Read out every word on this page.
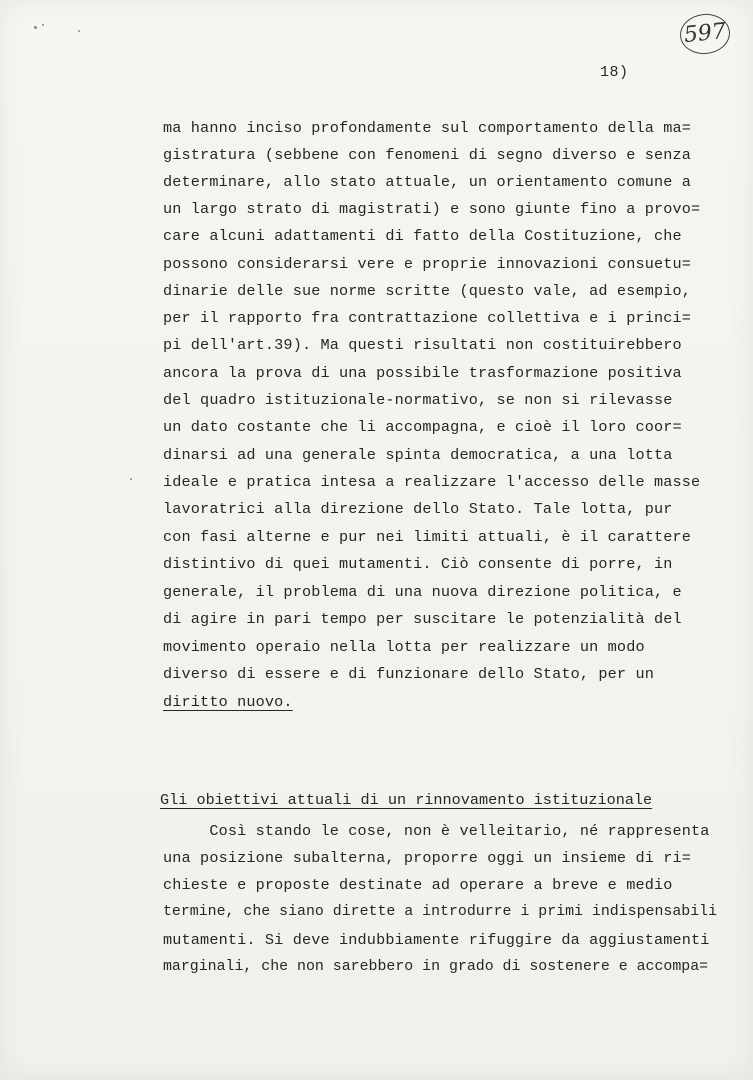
597
18)
ma hanno inciso profondamente sul comportamento della ma=
gistratura (sebbene con fenomeni di segno diverso e senza
determinare, allo stato attuale, un orientamento comune a
un largo strato di magistrati) e sono giunte fino a provo=
care alcuni adattamenti di fatto della Costituzione, che
possono considerarsi vere e proprie innovazioni consuetu=
dinarie delle sue norme scritte (questo vale, ad esempio,
per il rapporto fra contrattazione collettiva e i princi=
pi dell'art.39). Ma questi risultati non costituirebbero
ancora la prova di una possibile trasformazione positiva
del quadro istituzionale-normativo, se non si rilevasse
un dato costante che li accompagna, e cioè il loro coor=
dinarsi ad una generale spinta democratica, a una lotta
ideale e pratica intesa a realizzare l'accesso delle masse
lavoratrici alla direzione dello Stato. Tale lotta, pur
con fasi alterne e pur nei limiti attuali, è il carattere
distintivo di quei mutamenti. Ciò consente di porre, in
generale, il problema di una nuova direzione politica, e
di agire in pari tempo per suscitare le potenzialità del
movimento operaio nella lotta per realizzare un modo
diverso di essere e di funzionare dello Stato, per un
diritto nuovo.
Gli obiettivi attuali di un rinnovamento istituzionale
Così stando le cose, non è velleitario, né rappresenta
una posizione subalterna, proporre oggi un insieme di ri=
chieste e proposte destinate ad operare a breve e medio
termine, che siano dirette a introdurre i primi indispensabili
mutamenti. Si deve indubbiamente rifuggire da aggiustamenti
marginali, che non sarebbero in grado di sostenere e accompa=
